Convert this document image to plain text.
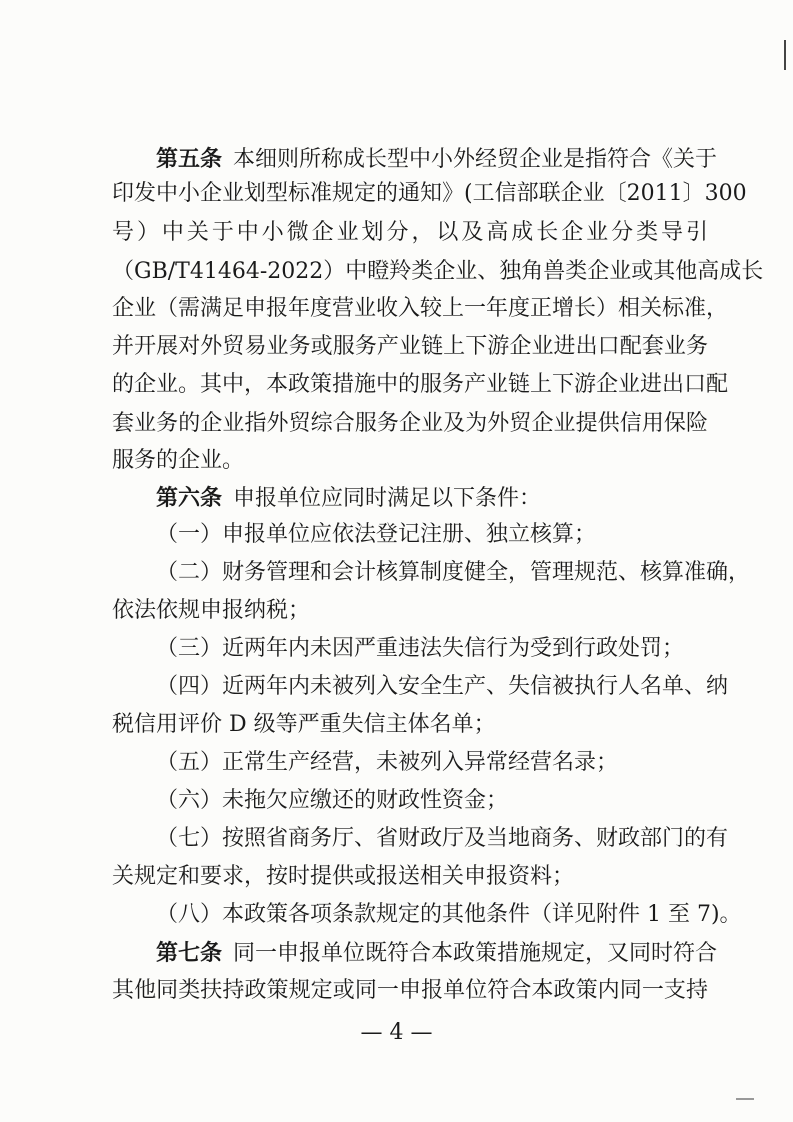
第五条  本细则所称成长型中小外经贸企业是指符合《关于
印发中小企业划型标准规定的通知》(工信部联企业〔2011〕300
号）中关于中小微企业划分，以及高成长企业分类导引
（GB/T41464-2022）中瞪羚类企业、独角兽类企业或其他高成长
企业（需满足申报年度营业收入较上一年度正增长）相关标准，
并开展对外贸易业务或服务产业链上下游企业进出口配套业务
的企业。其中，本政策措施中的服务产业链上下游企业进出口配
套业务的企业指外贸综合服务企业及为外贸企业提供信用保险
服务的企业。
第六条  申报单位应同时满足以下条件：
（一）申报单位应依法登记注册、独立核算；
（二）财务管理和会计核算制度健全，管理规范、核算准确，
依法依规申报纳税；
（三）近两年内未因严重违法失信行为受到行政处罚；
（四）近两年内未被列入安全生产、失信被执行人名单、纳
税信用评价 D 级等严重失信主体名单；
（五）正常生产经营，未被列入异常经营名录；
（六）未拖欠应缴还的财政性资金；
（七）按照省商务厅、省财政厅及当地商务、财政部门的有
关规定和要求，按时提供或报送相关申报资料；
（八）本政策各项条款规定的其他条件（详见附件 1 至 7)。
第七条  同一申报单位既符合本政策措施规定，又同时符合
其他同类扶持政策规定或同一申报单位符合本政策内同一支持
— 4 —
